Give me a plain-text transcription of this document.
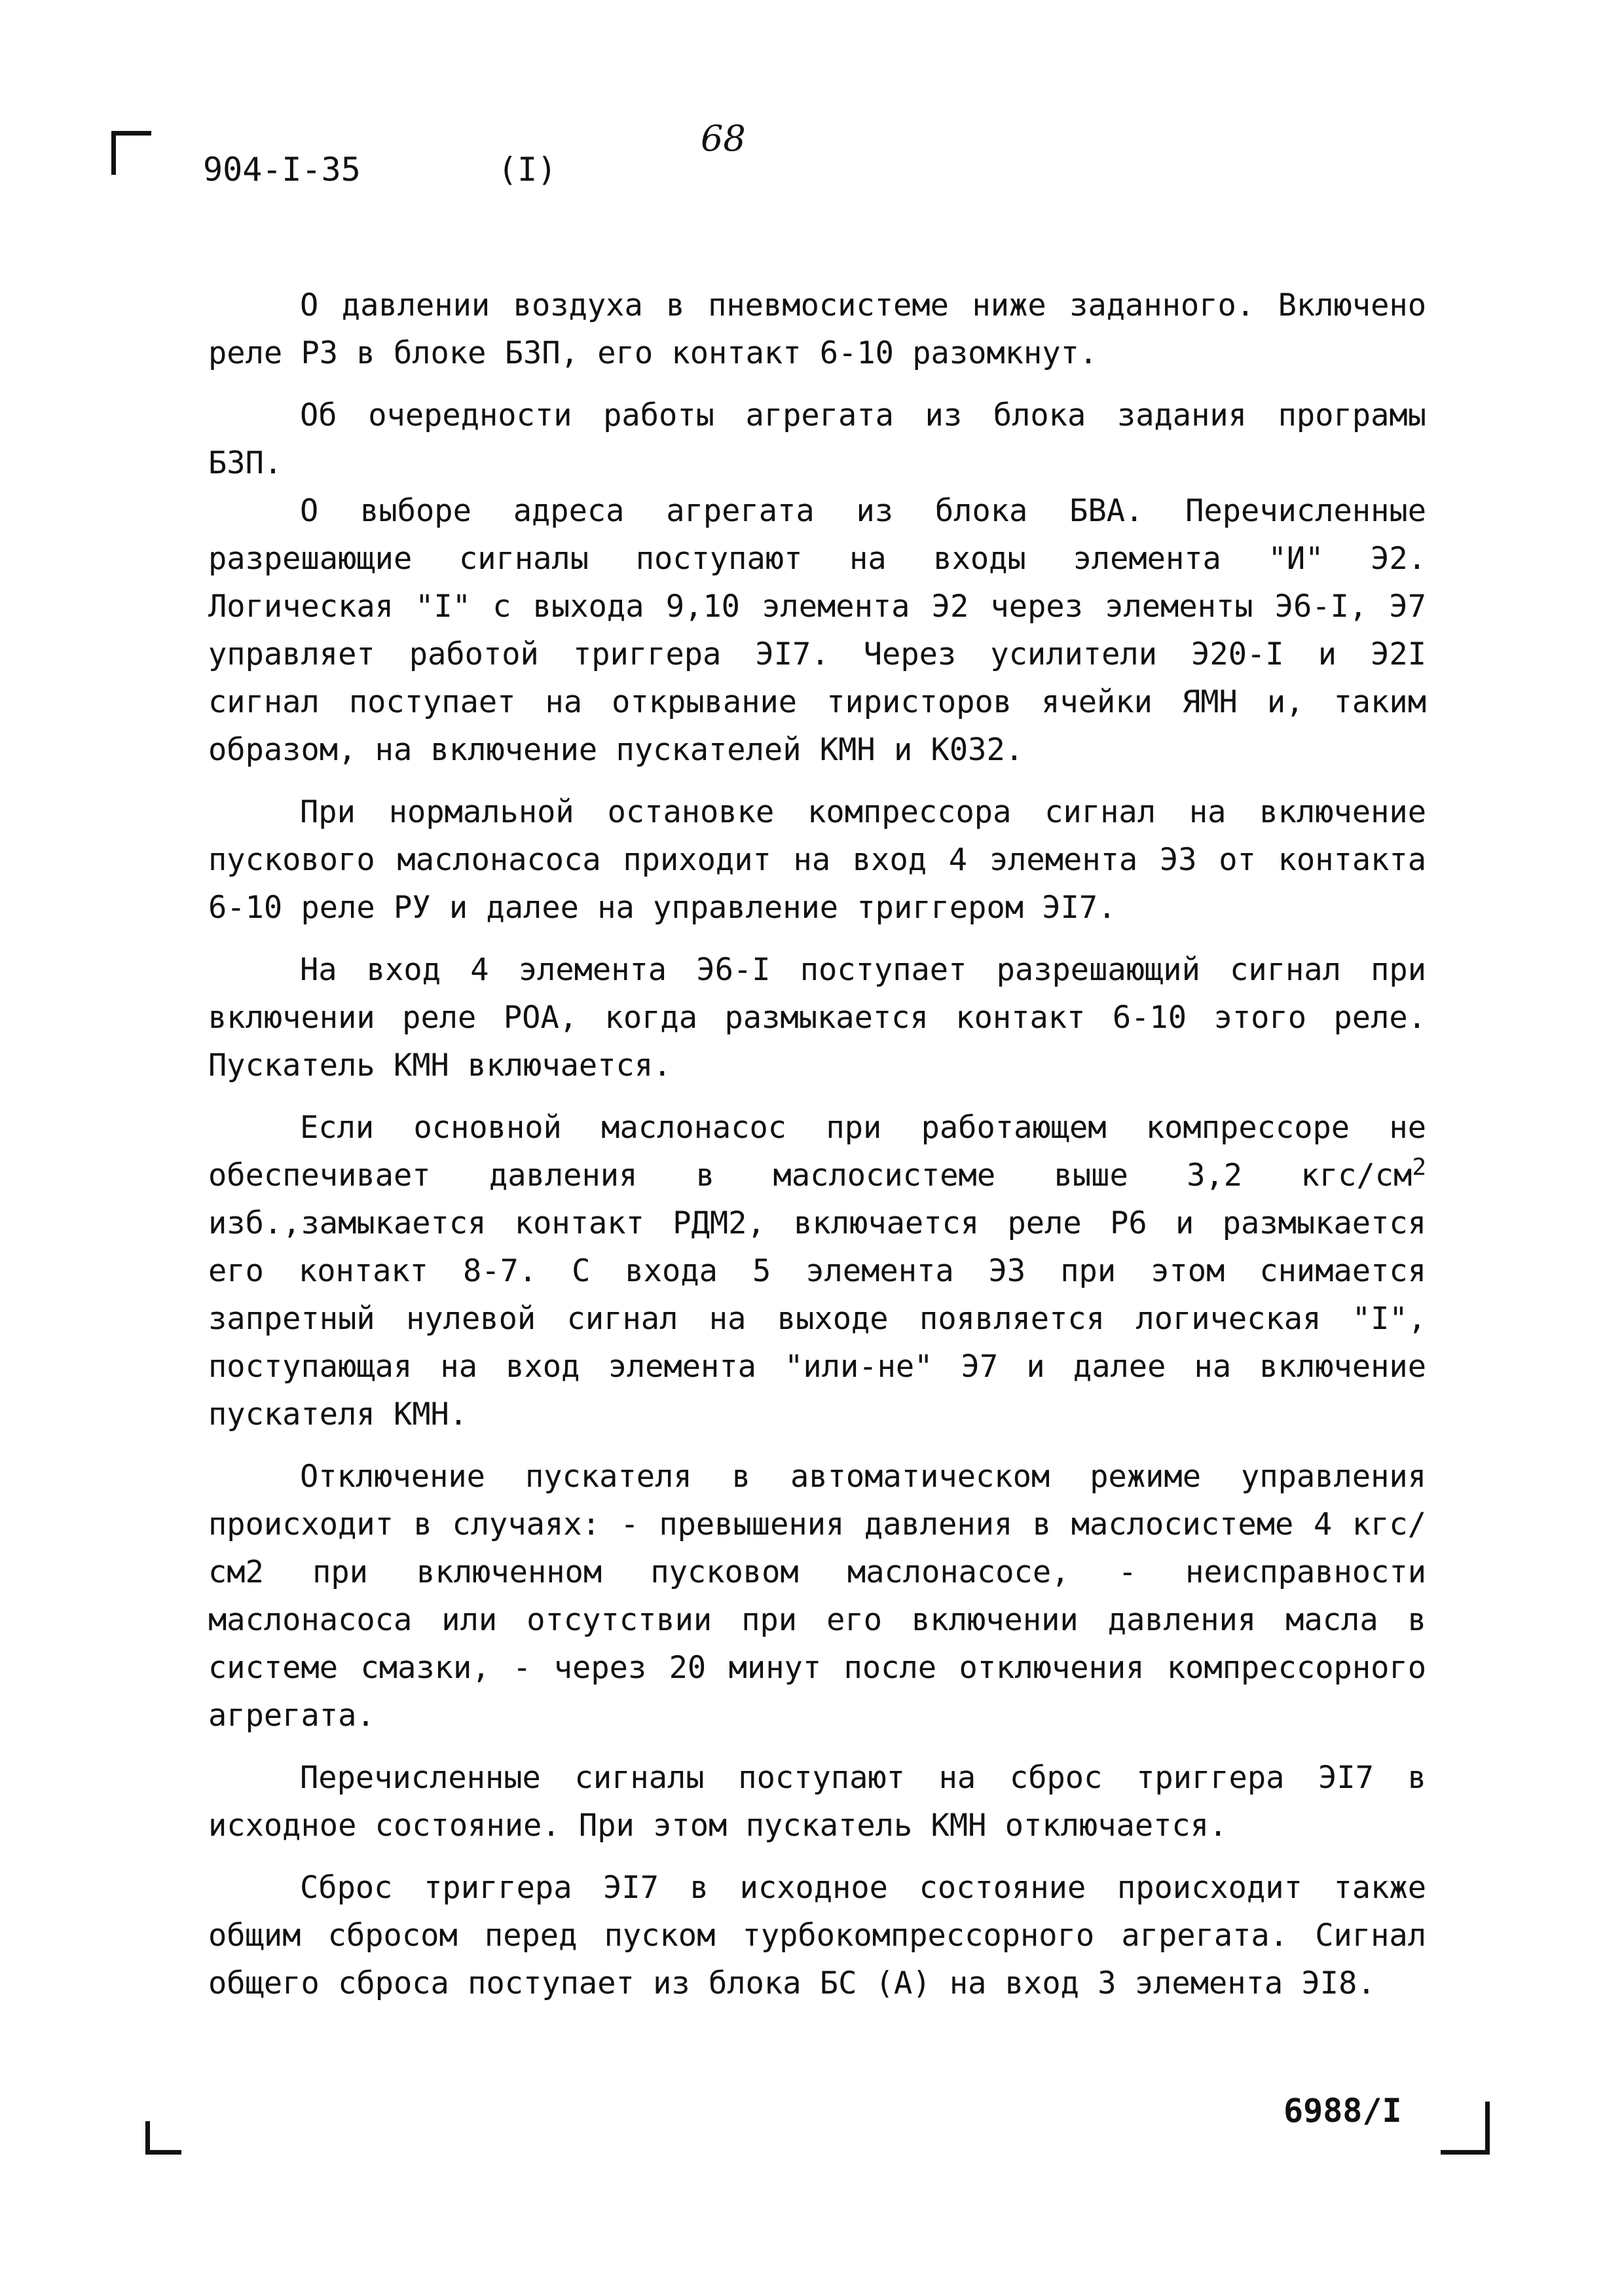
904-I-35	(I)
68

О давлении воздуха в пневмосистеме ниже заданного. Включено реле Р3 в блоке БЗП, его контакт 6-10 разомкнут.

Об очередности работы агрегата из блока задания програмы БЗП.

О выборе адреса агрегата из блока БВА. Перечисленные разрешающие сигналы поступают на входы элемента "И" Э2. Логическая "I" с выхода 9,10 элемента Э2 через элементы Э6-I, Э7 управляет работой триггера ЭI7. Через усилители Э20-I и Э2I сигнал поступает на открывание тиристоров ячейки ЯМН и, таким образом, на включение пускателей КМН и К032.

При нормальной остановке компрессора сигнал на включение пускового маслонасоса приходит на вход 4 элемента Э3 от контакта 6-10 реле РУ и далее на управление триггером ЭI7.

На вход 4 элемента Э6-I поступает разрешающий сигнал при включении реле РОА, когда размыкается контакт 6-10 этого реле. Пускатель КМН включается.

Если основной маслонасос при работающем компрессоре не обеспечивает давления в маслосистеме выше 3,2 кгс/$см^2$ изб.,замыкается контакт РДМ2, включается реле Р6 и размыкается его контакт 8-7. С входа 5 элемента Э3 при этом снимается запретный нулевой сигнал на выходе появляется логическая "I", поступающая на вход элемента "или-не" Э7 и далее на включение пускателя КМН.

Отключение пускателя в автоматическом режиме управления происходит в случаях: - превышения давления в маслосистеме 4 кгс/см2 при включенном пусковом маслонасосе, - неисправности маслонасоса или отсутствии при его включении давления масла в системе смазки, - через 20 минут после отключения компрессорного агрегата.

Перечисленные сигналы поступают на сброс триггера ЭI7 в исходное состояние. При этом пускатель КМН отключается.

Сброс триггера ЭI7 в исходное состояние происходит также общим сбросом перед пуском турбокомпрессорного агрегата. Сигнал общего сброса поступает из блока БС (А) на вход 3 элемента ЭI8.

6988/I
